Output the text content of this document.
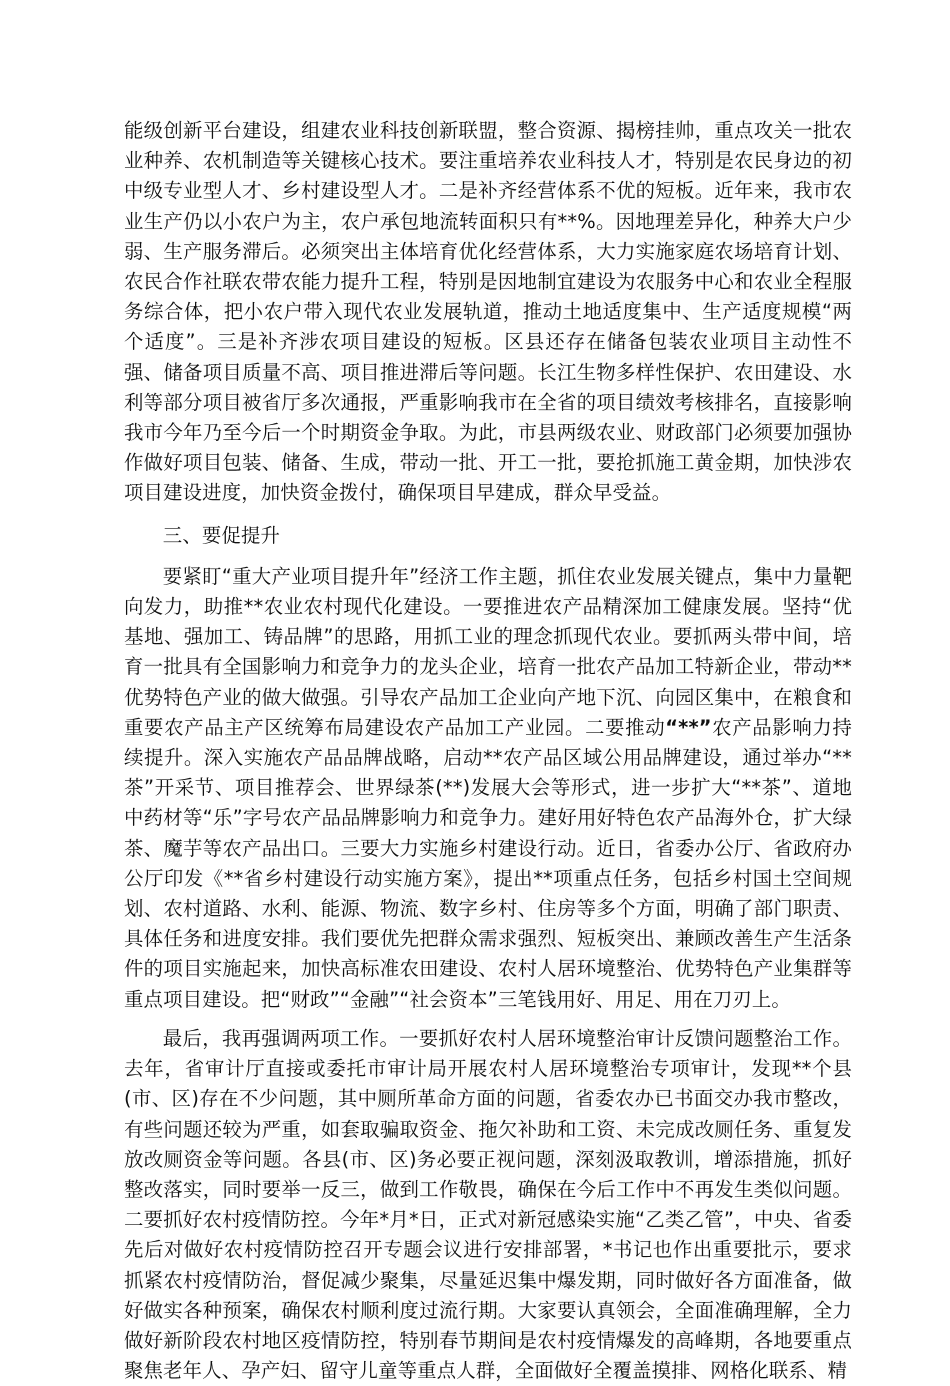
能级创新平台建设，组建农业科技创新联盟，整合资源、揭榜挂帅，重点攻关一批农业种养、农机制造等关键核心技术。要注重培养农业科技人才，特别是农民身边的初中级专业型人才、乡村建设型人才。二是补齐经营体系不优的短板。近年来，我市农业生产仍以小农户为主，农户承包地流转面积只有**%。因地理差异化，种养大户少弱、生产服务滞后。必须突出主体培育优化经营体系，大力实施家庭农场培育计划、农民合作社联农带农能力提升工程，特别是因地制宜建设为农服务中心和农业全程服务综合体，把小农户带入现代农业发展轨道，推动土地适度集中、生产适度规模“两个适度”。三是补齐涉农项目建设的短板。区县还存在储备包装农业项目主动性不强、储备项目质量不高、项目推进滞后等问题。长江生物多样性保护、农田建设、水利等部分项目被省厅多次通报，严重影响我市在全省的项目绩效考核排名，直接影响我市今年乃至今后一个时期资金争取。为此，市县两级农业、财政部门必须要加强协作做好项目包装、储备、生成，带动一批、开工一批，要抢抓施工黄金期，加快涉农项目建设进度，加快资金拨付，确保项目早建成，群众早受益。

三、要促提升

要紧盯“重大产业项目提升年”经济工作主题，抓住农业发展关键点，集中力量靶向发力，助推**农业农村现代化建设。一要推进农产品精深加工健康发展。坚持“优基地、强加工、铸品牌”的思路，用抓工业的理念抓现代农业。要抓两头带中间，培育一批具有全国影响力和竞争力的龙头企业，培育一批农产品加工特新企业，带动**优势特色产业的做大做强。引导农产品加工企业向产地下沉、向园区集中，在粮食和重要农产品主产区统筹布局建设农产品加工产业园。二要推动“**”农产品影响力持续提升。深入实施农产品品牌战略，启动**农产品区域公用品牌建设，通过举办“**茶”开采节、项目推荐会、世界绿茶(**)发展大会等形式，进一步扩大“**茶”、道地中药材等“乐”字号农产品品牌影响力和竞争力。建好用好特色农产品海外仓，扩大绿茶、魔芋等农产品出口。三要大力实施乡村建设行动。近日，省委办公厅、省政府办公厅印发《**省乡村建设行动实施方案》，提出**项重点任务，包括乡村国土空间规划、农村道路、水利、能源、物流、数字乡村、住房等多个方面，明确了部门职责、具体任务和进度安排。我们要优先把群众需求强烈、短板突出、兼顾改善生产生活条件的项目实施起来，加快高标准农田建设、农村人居环境整治、优势特色产业集群等重点项目建设。把“财政”“金融”“社会资本”三笔钱用好、用足、用在刀刃上。

最后，我再强调两项工作。一要抓好农村人居环境整治审计反馈问题整治工作。去年，省审计厅直接或委托市审计局开展农村人居环境整治专项审计，发现**个县(市、区)存在不少问题，其中厕所革命方面的问题，省委农办已书面交办我市整改，有些问题还较为严重，如套取骗取资金、拖欠补助和工资、未完成改厕任务、重复发放改厕资金等问题。各县(市、区)务必要正视问题，深刻汲取教训，增添措施，抓好整改落实，同时要举一反三，做到工作敬畏，确保在今后工作中不再发生类似问题。二要抓好农村疫情防控。今年*月*日，正式对新冠感染实施“乙类乙管”，中央、省委先后对做好农村疫情防控召开专题会议进行安排部署，*书记也作出重要批示，要求抓紧农村疫情防治，督促减少聚集，尽量延迟集中爆发期，同时做好各方面准备，做好做实各种预案，确保农村顺利度过流行期。大家要认真领会，全面准确理解，全力做好新阶段农村地区疫情防控，特别春节期间是农村疫情爆发的高峰期，各地要重点聚焦老年人、孕产妇、留守儿童等重点人群，全面做好全覆盖摸排、网格化联系、精
